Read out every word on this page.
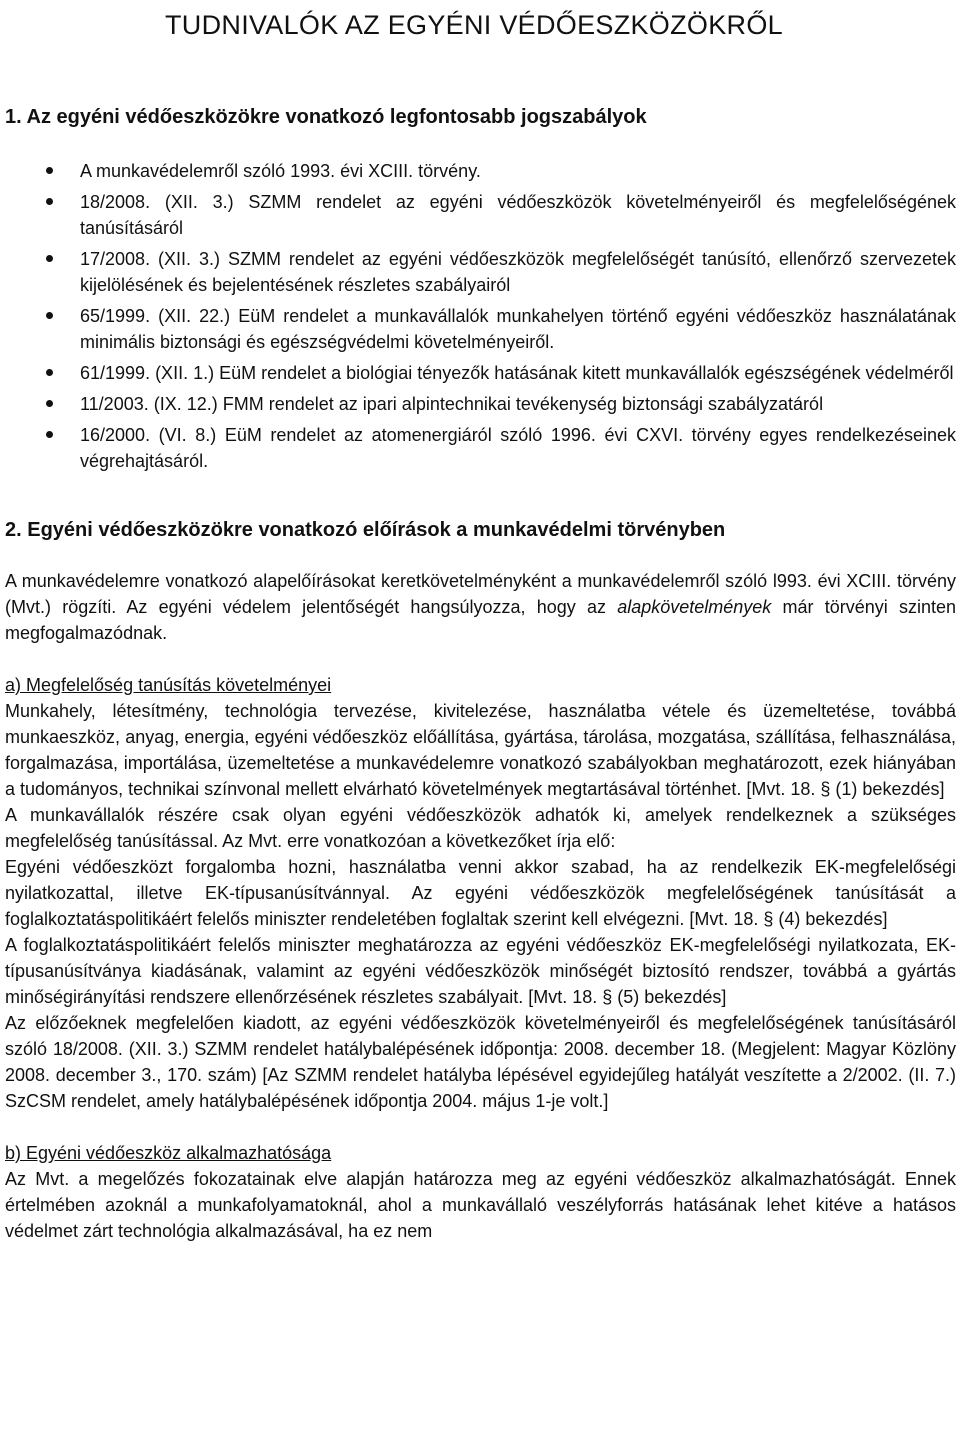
TUDNIVALÓK AZ EGYÉNI VÉDŐESZKÖZÖKRŐL
1. Az egyéni védőeszközökre vonatkozó legfontosabb jogszabályok
A munkavédelemről szóló 1993. évi XCIII. törvény.
18/2008. (XII. 3.) SZMM rendelet az egyéni védőeszközök követelményeiről és megfelelőségének tanúsításáról
17/2008. (XII. 3.) SZMM rendelet az egyéni védőeszközök megfelelőségét tanúsító, ellenőrző szervezetek kijelölésének és bejelentésének részletes szabályairól
65/1999. (XII. 22.) EüM rendelet a munkavállalók munkahelyen történő egyéni védőeszköz használatának minimális biztonsági és egészségvédelmi követelményeiről.
61/1999. (XII. 1.) EüM rendelet a biológiai tényezők hatásának kitett munkavállalók egészségének védelméről
11/2003. (IX. 12.) FMM rendelet az ipari alpintechnikai tevékenység biztonsági szabályzatáról
16/2000. (VI. 8.) EüM rendelet az atomenergiáról szóló 1996. évi CXVI. törvény egyes rendelkezéseinek végrehajtásáról.
2. Egyéni védőeszközökre vonatkozó előírások a munkavédelmi törvényben

A munkavédelemre vonatkozó alapelőírásokat keretkövetelményként a munkavédelemről szóló l993. évi XCIII. törvény (Mvt.) rögzíti. Az egyéni védelem jelentőségét hangsúlyozza, hogy az alapkövetelmények már törvényi szinten megfogalmazódnak.

a) Megfelelőség tanúsítás követelményei

Munkahely, létesítmény, technológia tervezése, kivitelezése, használatba vétele és üzemeltetése, továbbá munkaeszköz, anyag, energia, egyéni védőeszköz előállítása, gyártása, tárolása, mozgatása, szállítása, felhasználása, forgalmazása, importálása, üzemeltetése a munkavédelemre vonatkozó szabályokban meghatározott, ezek hiányában a tudományos, technikai színvonal mellett elvárható követelmények megtartásával történhet. [Mvt. 18. § (1) bekezdés]

A munkavállalók részére csak olyan egyéni védőeszközök adhatók ki, amelyek rendelkeznek a szükséges megfelelőség tanúsítással. Az Mvt. erre vonatkozóan a következőket írja elő:

Egyéni védőeszközt forgalomba hozni, használatba venni akkor szabad, ha az rendelkezik EK-megfelelőségi nyilatkozattal, illetve EK-típusanúsítvánnyal. Az egyéni védőeszközök megfelelőségének tanúsítását a foglalkoztatáspolitikáért felelős miniszter rendeletében foglaltak szerint kell elvégezni. [Mvt. 18. § (4) bekezdés]

A foglalkoztatáspolitikáért felelős miniszter meghatározza az egyéni védőeszköz EK-megfelelőségi nyilatkozata, EK-típusanúsítványa kiadásának, valamint az egyéni védőeszközök minőségét biztosító rendszer, továbbá a gyártás minőségirányítási rendszere ellenőrzésének részletes szabályait. [Mvt. 18. § (5) bekezdés]

Az előzőeknek megfelelően kiadott, az egyéni védőeszközök követelményeiről és megfelelőségének tanúsításáról szóló 18/2008. (XII. 3.) SZMM rendelet hatálybalépésének időpontja: 2008. december 18. (Megjelent: Magyar Közlöny 2008. december 3., 170. szám) [Az SZMM rendelet hatályba lépésével egyidejűleg hatályát veszítette a 2/2002. (II. 7.) SzCSM rendelet, amely hatálybalépésének időpontja 2004. május 1-je volt.]

b) Egyéni védőeszköz alkalmazhatósága

Az Mvt. a megelőzés fokozatainak elve alapján határozza meg az egyéni védőeszköz alkalmazhatóságát. Ennek értelmében azoknál a munkafolyamatoknál, ahol a munkavállaló veszélyforrás hatásának lehet kitéve a hatásos védelmet zárt technológia alkalmazásával, ha ez nem
